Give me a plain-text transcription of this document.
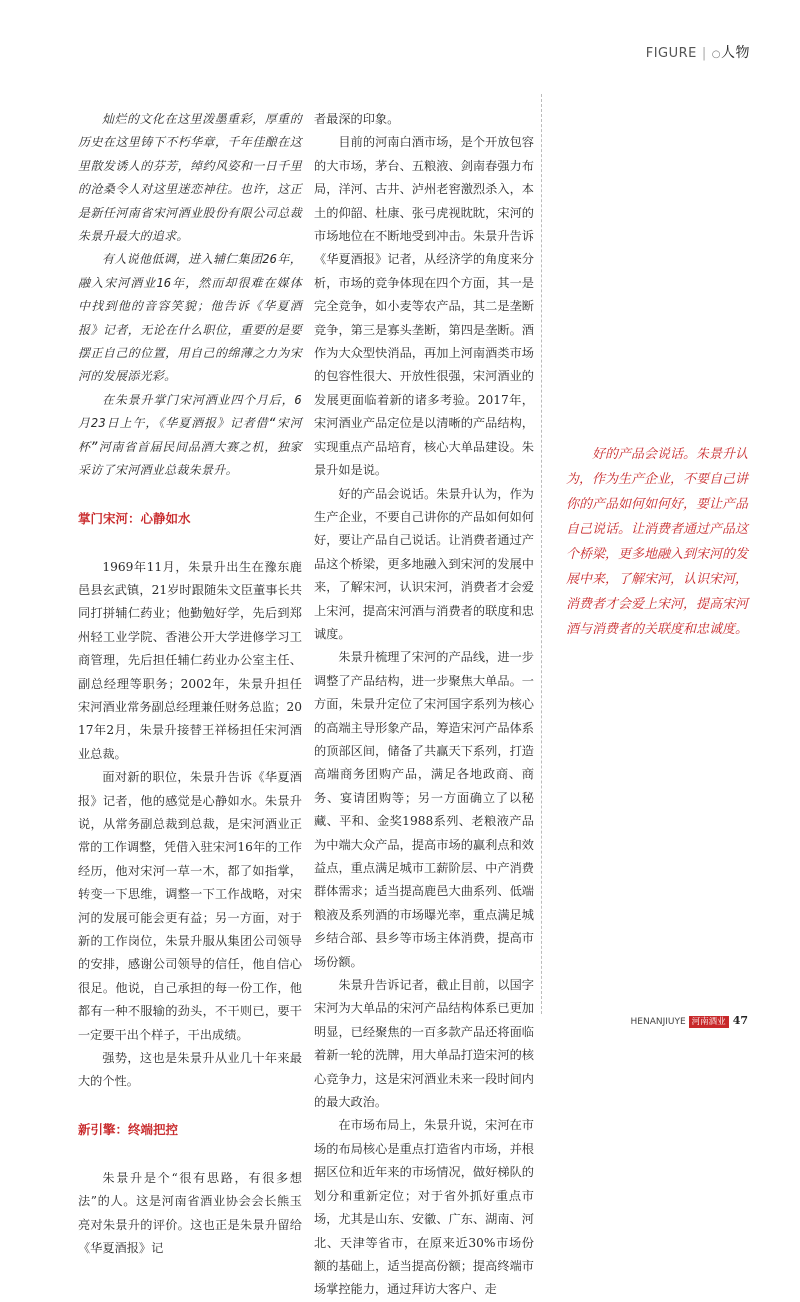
FIGURE | ○人物

灿烂的文化在这里泼墨重彩，厚重的历史在这里铸下不朽华章，千年佳酿在这里散发诱人的芬芳，绰约风姿和一日千里的沧桑令人对这里迷恋神往。也许，这正是新任河南省宋河酒业股份有限公司总裁朱景升最大的追求。

有人说他低调，进入辅仁集团26年，融入宋河酒业16年，然而却很难在媒体中找到他的音容笑貌；他告诉《华夏酒报》记者，无论在什么职位，重要的是要摆正自己的位置，用自己的绵薄之力为宋河的发展添光彩。

在朱景升掌门宋河酒业四个月后，6月23日上午，《华夏酒报》记者借“宋河杯”河南省首届民间品酒大赛之机，独家采访了宋河酒业总裁朱景升。

掌门宋河：心静如水

1969年11月，朱景升出生在豫东鹿邑县玄武镇，21岁时跟随朱文臣董事长共同打拼辅仁药业；他勤勉好学，先后到郑州轻工业学院、香港公开大学进修学习工商管理，先后担任辅仁药业办公室主任、副总经理等职务；2002年，朱景升担任宋河酒业常务副总经理兼任财务总监；2017年2月，朱景升接替王祥杨担任宋河酒业总裁。

面对新的职位，朱景升告诉《华夏酒报》记者，他的感觉是心静如水。朱景升说，从常务副总裁到总裁，是宋河酒业正常的工作调整，凭借入驻宋河16年的工作经历，他对宋河一草一木，都了如指掌，转变一下思维，调整一下工作战略，对宋河的发展可能会更有益；另一方面，对于新的工作岗位，朱景升服从集团公司领导的安排，感谢公司领导的信任，他自信心很足。他说，自己承担的每一份工作，他都有一种不服输的劲头，不干则已，要干一定要干出个样子，干出成绩。

强势，这也是朱景升从业几十年来最大的个性。

新引擎：终端把控

朱景升是个“很有思路，有很多想法”的人。这是河南省酒业协会会长熊玉亮对朱景升的评价。这也正是朱景升留给《华夏酒报》记

者最深的印象。

目前的河南白酒市场，是个开放包容的大市场，茅台、五粮液、剑南春强力布局，洋河、古井、泸州老窖激烈杀入，本土的仰韶、杜康、张弓虎视眈眈，宋河的市场地位在不断地受到冲击。朱景升告诉《华夏酒报》记者，从经济学的角度来分析，市场的竞争体现在四个方面，其一是完全竞争，如小麦等农产品，其二是垄断竞争，第三是寡头垄断，第四是垄断。酒作为大众型快消品，再加上河南酒类市场的包容性很大、开放性很强，宋河酒业的发展更面临着新的诸多考验。2017年，宋河酒业产品定位是以清晰的产品结构，实现重点产品培育，核心大单品建设。朱景升如是说。

好的产品会说话。朱景升认为，作为生产企业，不要自己讲你的产品如何如何好，要让产品自己说话。让消费者通过产品这个桥梁，更多地融入到宋河的发展中来，了解宋河，认识宋河，消费者才会爱上宋河，提高宋河酒与消费者的联度和忠诚度。

朱景升梳理了宋河的产品线，进一步调整了产品结构，进一步聚焦大单品。一方面，朱景升定位了宋河国字系列为核心的高端主导形象产品，筹造宋河产品体系的顶部区间，储备了共赢天下系列，打造高端商务团购产品，满足各地政商、商务、宴请团购等；另一方面确立了以秘藏、平和、金奖1988系列、老粮液产品为中端大众产品，提高市场的赢利点和效益点，重点满足城市工薪阶层、中产消费群体需求；适当提高鹿邑大曲系列、低端粮液及系列酒的市场曝光率，重点满足城乡结合部、县乡等市场主体消费，提高市场份额。

朱景升告诉记者，截止目前，以国字宋河为大单品的宋河产品结构体系已更加明显，已经聚焦的一百多款产品还将面临着新一轮的洗牌，用大单品打造宋河的核心竞争力，这是宋河酒业未来一段时间内的最大政治。

在市场布局上，朱景升说，宋河在市场的布局核心是重点打造省内市场，并根据区位和近年来的市场情况，做好梯队的划分和重新定位；对于省外抓好重点市场，尤其是山东、安徽、广东、湖南、河北、天津等省市，在原来近30%市场份额的基础上，适当提高份额；提高终端市场掌控能力，通过拜访大客户、走

好的产品会说话。朱景升认为，作为生产企业，不要自己讲你的产品如何如何好，要让产品自己说话。让消费者通过产品这个桥梁，更多地融入到宋河的发展中来，了解宋河，认识宋河，消费者才会爱上宋河，提高宋河酒与消费者的关联度和忠诚度。
HENANJIUYE 河南酒业 47
